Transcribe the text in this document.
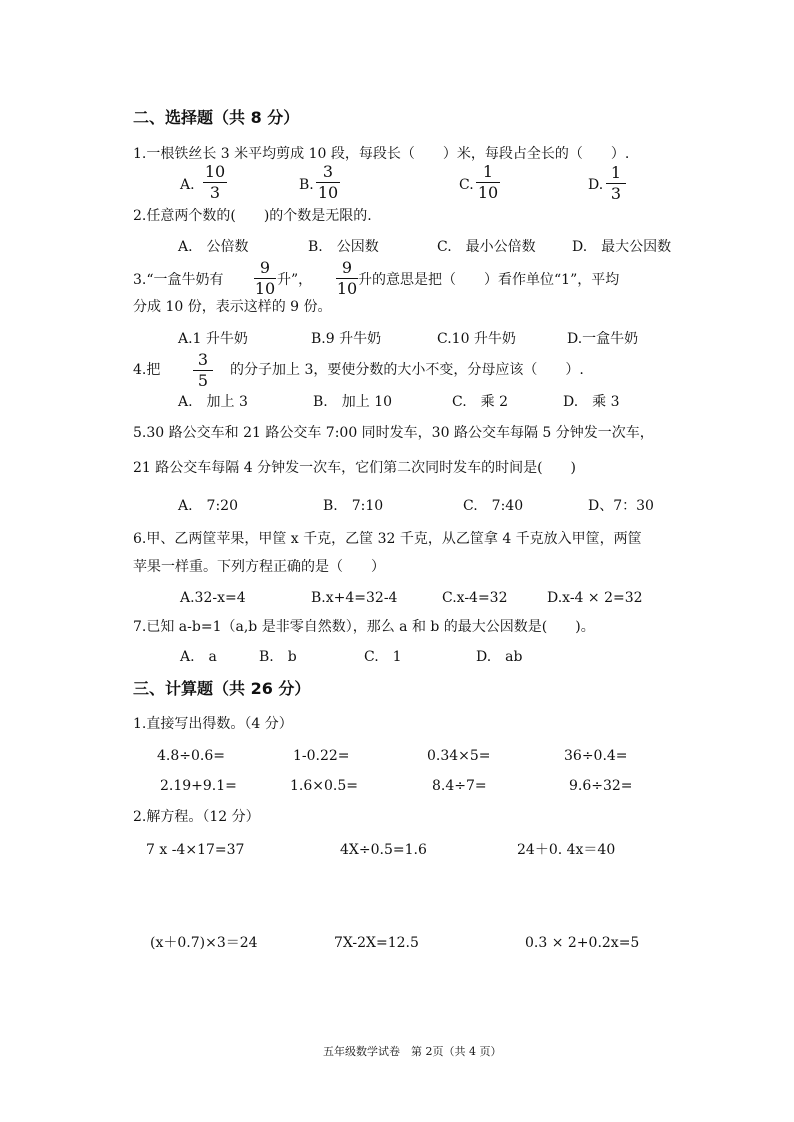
二、选择题（共 8 分）
1.一根铁丝长 3 米平均剪成 10 段，每段长（　　）米，每段占全长的（　　）.
A.
10
3	B.
3
10	C.
1
10	D.
1
3
2.任意两个数的(　　)的个数是无限的.
A.　公倍数	B.　公因数	C.　最小公倍数	D.　最大公因数
3.“一盒牛奶有
9
10 升”，
9
10 升的意思是把（　　）看作单位“1”，平均
分成 10 份，表示这样的 9 份。
A.1 升牛奶	B.9 升牛奶	C.10 升牛奶	D.一盒牛奶
4.把
3
5
的分子加上 3，要使分数的大小不变，分母应该（　　）.
A.　加上 3	B.　加上 10	C.　乘 2	D.　乘 3
5.30 路公交车和 21 路公交车 7:00 同时发车，30 路公交车每隔 5 分钟发一次车，
21 路公交车每隔 4 分钟发一次车，它们第二次同时发车的时间是(　　)
A.　7:20	B.　7:10	C.　7:40	D、7：30
6.甲、乙两筐苹果，甲筐 x 千克，乙筐 32 千克，从乙筐拿 4 千克放入甲筐，两筐
苹果一样重。下列方程正确的是（　　）
A.32-x=4	B.x+4=32-4	C.x-4=32	D.x-4 × 2=32
7.已知 a-b=1（a,b 是非零自然数），那么 a 和 b 的最大公因数是(　　)。
A.　a	B.　b	C.　1	D.　ab
三、计算题（共 26 分）
1.直接写出得数。（4 分）
4.8÷0.6=	1-0.22=	0.34×5=	36÷0.4=
2.19+9.1=	1.6×0.5=	8.4÷7=	9.6÷32=
2.解方程。（12 分）
7 x -4×17=37	4X÷0.5=1.6	24＋0. 4x＝40
(x＋0.7)×3＝24	7X-2X=12.5	0.3 × 2+0.2x=5
五年级数学试卷　第 2页（共 4 页）
